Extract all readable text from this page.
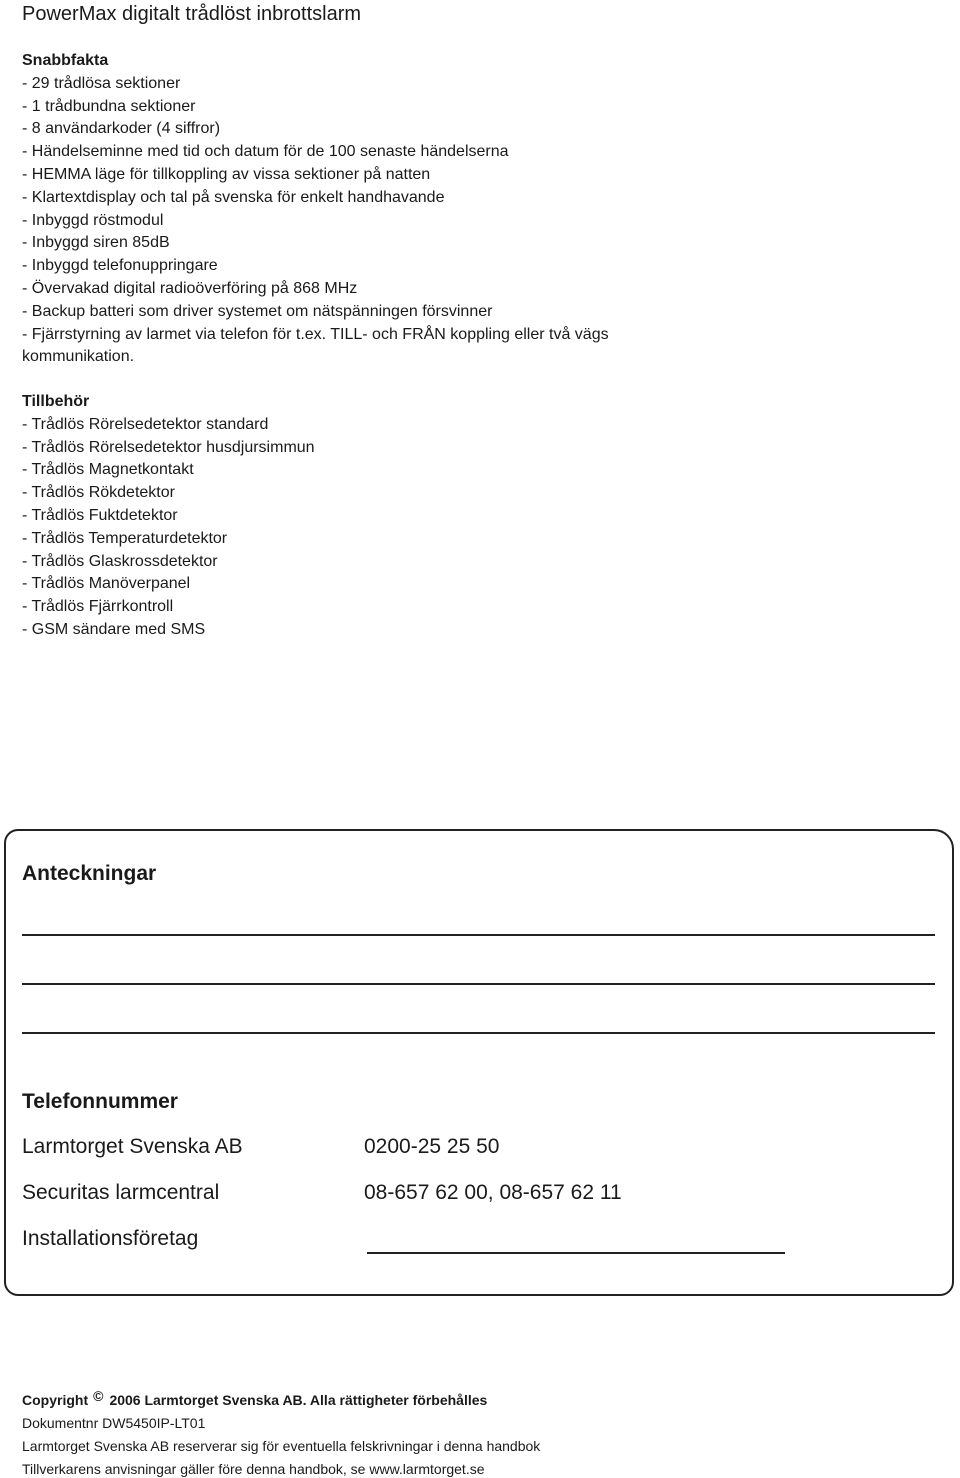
PowerMax digitalt trådlöst inbrottslarm
Snabbfakta
- 29 trådlösa sektioner
- 1 trådbundna sektioner
- 8 användarkoder (4 siffror)
- Händelseminne med tid och datum för de 100 senaste händelserna
- HEMMA läge för tillkoppling av vissa sektioner på natten
- Klartextdisplay och tal på svenska för enkelt handhavande
- Inbyggd röstmodul
- Inbyggd siren 85dB
- Inbyggd telefonuppringare
- Övervakad digital radioöverföring på 868 MHz
- Backup batteri som driver systemet om nätspänningen försvinner
- Fjärrstyrning av larmet via telefon för t.ex. TILL- och FRÅN koppling eller två vägs kommunikation.
Tillbehör
- Trådlös Rörelsedetektor standard
- Trådlös Rörelsedetektor husdjursimmun
- Trådlös Magnetkontakt
- Trådlös Rökdetektor
- Trådlös Fuktdetektor
- Trådlös Temperaturdetektor
- Trådlös Glaskrossdetektor
- Trådlös Manöverpanel
- Trådlös Fjärrkontroll
- GSM sändare med SMS
Anteckningar
Telefonnummer
Larmtorget Svenska AB	0200-25 25 50
Securitas larmcentral	08-657 62 00, 08-657 62 11
Installationsföretag
Copyright © 2006 Larmtorget Svenska AB. Alla rättigheter förbehålles
Dokumentnr DW5450IP-LT01
Larmtorget Svenska AB reserverar sig för eventuella felskrivningar i denna handbok
Tillverkarens anvisningar gäller före denna handbok, se www.larmtorget.se
